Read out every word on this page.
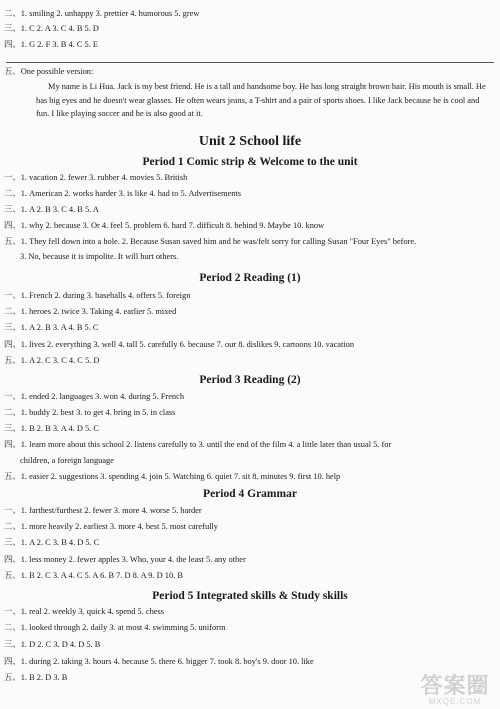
二、1. smiling 2. unhappy 3. prettier 4. humorous 5. grew
三、1. C 2. A 3. C 4. B 5. D
四、1. G 2. F 3. B 4. C 5. E
五、One possible version:
My name is Li Hua. Jack is my best friend. He is a tall and handsome boy. He has long straight brown hair. His mouth is small. He has big eyes and he doesn't wear glasses. He often wears jeans, a T-shirt and a pair of sports shoes. I like Jack because he is cool and fun. I like playing soccer and he is also good at it.
Unit 2 School life
Period 1 Comic strip & Welcome to the unit
一、1. vacation 2. fewer 3. rubber 4. movies 5. British
二、1. American 2. works harder 3. is like 4. had to 5. Advertisements
三、1. A 2. B 3. C 4. B 5. A
四、1. why 2. because 3. Or 4. feel 5. problem 6. hard 7. difficult 8. behind 9. Maybe 10. know
五、1. They fell down into a hole. 2. Because Susan saved him and he was/felt sorry for calling Susan "Four Eyes" before.
3. No, because it is impolite. It will hurt others.
Period 2 Reading (1)
一、1. French 2. during 3. baseballs 4. offers 5. foreign
二、1. heroes 2. twice 3. Taking 4. earlier 5. mixed
三、1. A 2. B 3. A 4. B 5. C
四、1. lives 2. everything 3. well 4. tall 5. carefully 6. because 7. our 8. dislikes 9. cartoons 10. vacation
五、1. A 2. C 3. C 4. C 5. D
Period 3 Reading (2)
一、1. ended 2. languages 3. won 4. during 5. French
二、1. buddy 2. best 3. to get 4. bring in 5. in class
三、1. B 2. B 3. A 4. D 5. C
四、1. learn more about this school 2. listens carefully to 3. until the end of the film 4. a little later than usual 5. for
children, a foreign language
五、1. easier 2. suggestions 3. spending 4. join 5. Watching 6. quiet 7. sit 8. minutes 9. first 10. help
Period 4 Grammar
一、1. farthest/furthest 2. fewer 3. more 4. worse 5. harder
二、1. more heavily 2. earliest 3. more 4. best 5. most carefully
三、1. A 2. C 3. B 4. D 5. C
四、1. less money 2. fewer apples 3. Who, your 4. the least 5. any other
五、1. B 2. C 3. A 4. C 5. A 6. B 7. D 8. A 9. D 10. B
Period 5 Integrated skills & Study skills
一、1. real 2. weekly 3. quick 4. spend 5. chess
二、1. looked through 2. daily 3. at most 4. swimming 5. uniform
三、1. D 2. C 3. D 4. D 5. B
四、1. during 2. taking 3. hours 4. because 5. there 6. bigger 7. took 8. boy's 9. door 10. like
五、1. B 2. D 3. B	答案圈
MXQE.COM
